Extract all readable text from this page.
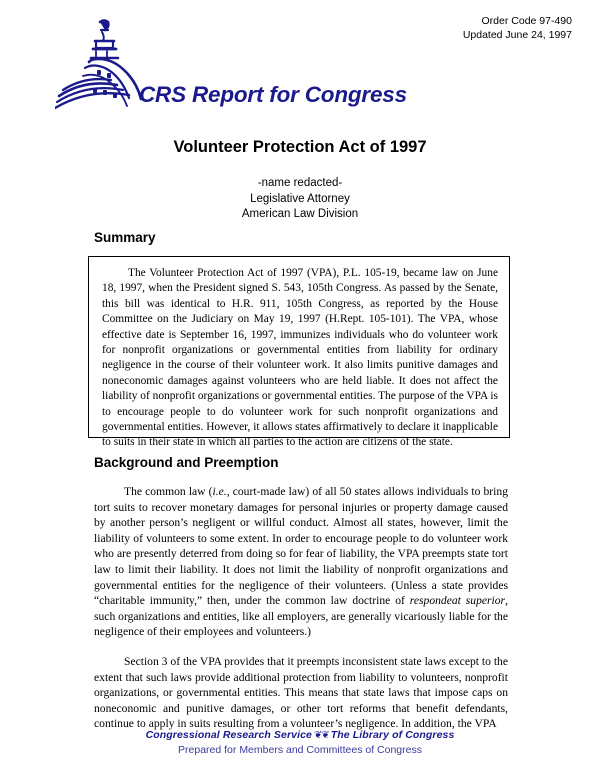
Order Code 97-490
Updated June 24, 1997
CRS Report for Congress
Volunteer Protection Act of 1997
-name redacted-
Legislative Attorney
American Law Division
Summary
The Volunteer Protection Act of 1997 (VPA), P.L. 105-19, became law on June 18, 1997, when the President signed S. 543, 105th Congress. As passed by the Senate, this bill was identical to H.R. 911, 105th Congress, as reported by the House Committee on the Judiciary on May 19, 1997 (H.Rept. 105-101). The VPA, whose effective date is September 16, 1997, immunizes individuals who do volunteer work for nonprofit organizations or governmental entities from liability for ordinary negligence in the course of their volunteer work. It also limits punitive damages and noneconomic damages against volunteers who are held liable. It does not affect the liability of nonprofit organizations or governmental entities. The purpose of the VPA is to encourage people to do volunteer work for such nonprofit organizations and governmental entities. However, it allows states affirmatively to declare it inapplicable to suits in their state in which all parties to the action are citizens of the state.
Background and Preemption

The common law (i.e., court-made law) of all 50 states allows individuals to bring tort suits to recover monetary damages for personal injuries or property damage caused by another person’s negligent or willful conduct. Almost all states, however, limit the liability of volunteers to some extent. In order to encourage people to do volunteer work who are presently deterred from doing so for fear of liability, the VPA preempts state tort law to limit their liability. It does not limit the liability of nonprofit organizations and governmental entities for the negligence of their volunteers. (Unless a state provides “charitable immunity,” then, under the common law doctrine of respondeat superior, such organizations and entities, like all employers, are generally vicariously liable for the negligence of their employees and volunteers.)

Section 3 of the VPA provides that it preempts inconsistent state laws except to the extent that such laws provide additional protection from liability to volunteers, nonprofit organizations, or governmental entities. This means that state laws that impose caps on noneconomic and punitive damages, or other tort reforms that benefit defendants, continue to apply in suits resulting from a volunteer’s negligence. In addition, the VPA

Congressional Research Service ❦❦ The Library of Congress
Prepared for Members and Committees of Congress
